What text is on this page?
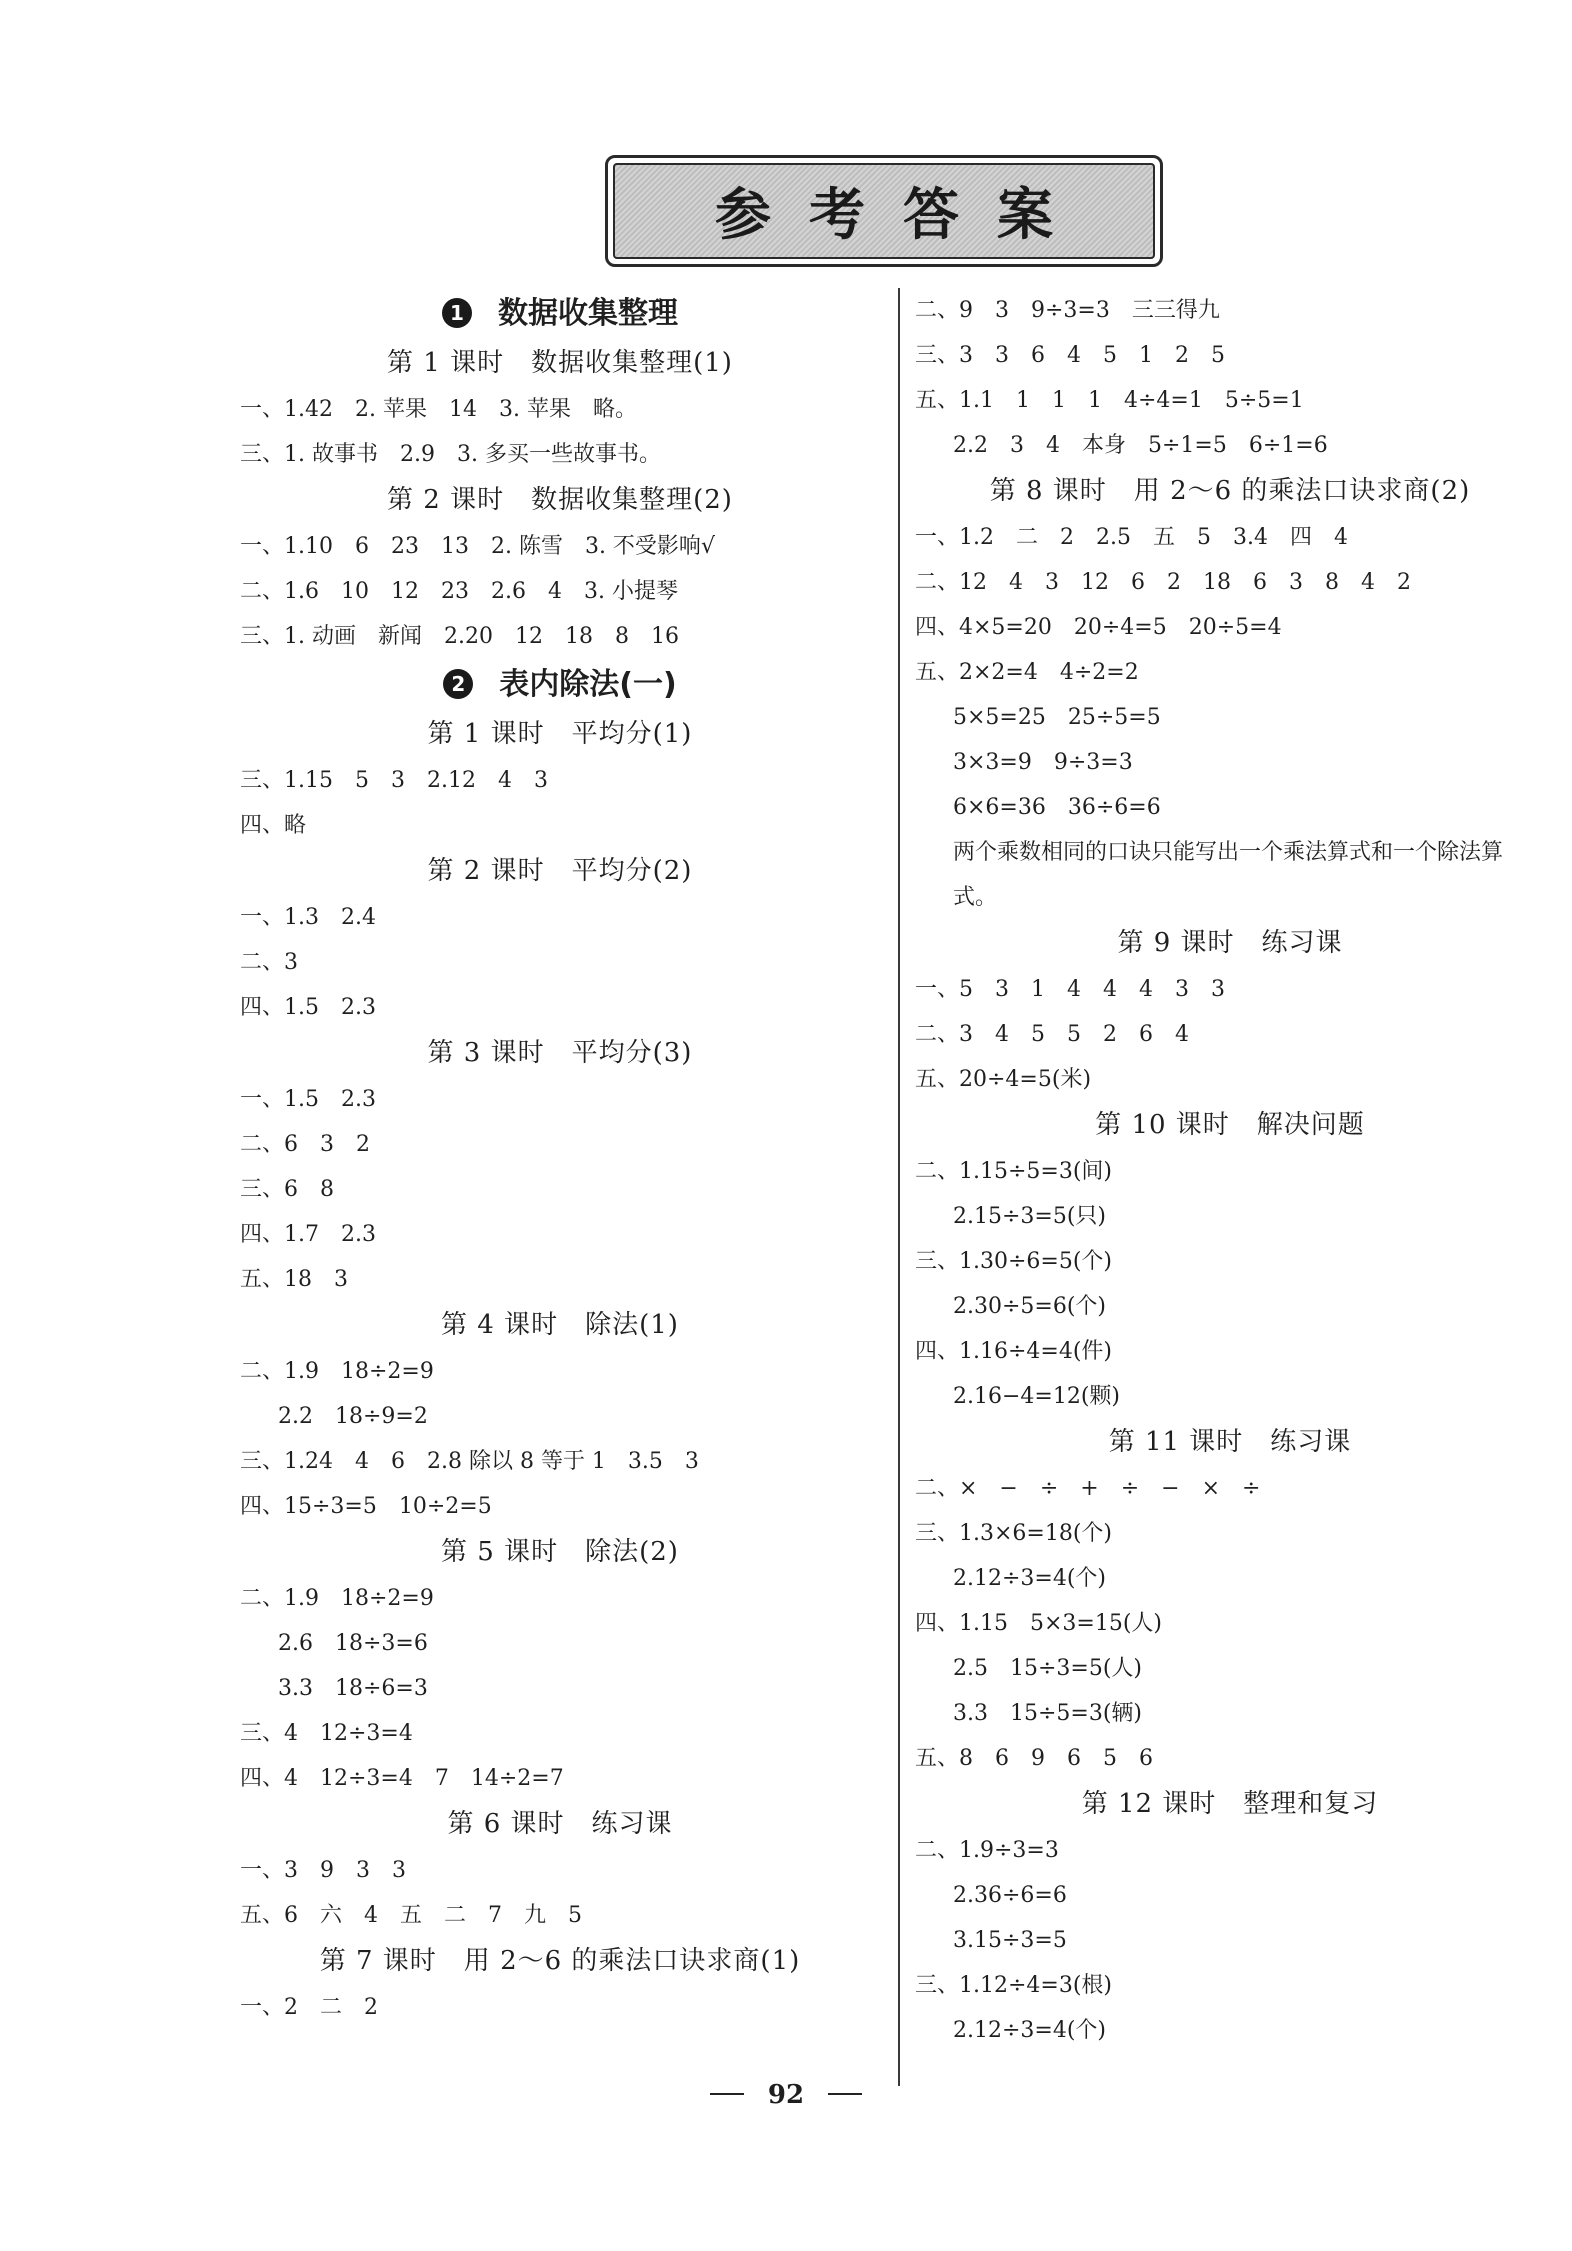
参考答案
1 数据收集整理
第 1 课时　数据收集整理(1)
一、1.42　2. 苹果　14　3. 苹果　略。
三、1. 故事书　2.9　3. 多买一些故事书。
第 2 课时　数据收集整理(2)
一、1.10　6　23　13　2. 陈雪　3. 不受影响√
二、1.6　10　12　23　2.6　4　3. 小提琴
三、1. 动画　新闻　2.20　12　18　8　16
2 表内除法(一)
第 1 课时　平均分(1)
三、1.15　5　3　2.12　4　3
四、略
第 2 课时　平均分(2)
一、1.3　2.4
二、3
四、1.5　2.3
第 3 课时　平均分(3)
一、1.5　2.3
二、6　3　2
三、6　8
四、1.7　2.3
五、18　3
第 4 课时　除法(1)
二、1.9　18÷2=9
2.2　18÷9=2
三、1.24　4　6　2.8 除以 8 等于 1　3.5　3
四、15÷3=5　10÷2=5
第 5 课时　除法(2)
二、1.9　18÷2=9
2.6　18÷3=6
3.3　18÷6=3
三、4　12÷3=4
四、4　12÷3=4　7　14÷2=7
第 6 课时　练习课
一、3　9　3　3
五、6　六　4　五　二　7　九　5
第 7 课时　用 2～6 的乘法口诀求商(1)
一、2　二　2
二、9　3　9÷3=3　三三得九
三、3　3　6　4　5　1　2　5
五、1.1　1　1　1　4÷4=1　5÷5=1
2.2　3　4　本身　5÷1=5　6÷1=6
第 8 课时　用 2～6 的乘法口诀求商(2)
一、1.2　二　2　2.5　五　5　3.4　四　4
二、12　4　3　12　6　2　18　6　3　8　4　2
四、4×5=20　20÷4=5　20÷5=4
五、2×2=4　4÷2=2
5×5=25　25÷5=5
3×3=9　9÷3=3
6×6=36　36÷6=6
两个乘数相同的口诀只能写出一个乘法算式和一个除法算式。
第 9 课时　练习课
一、5　3　1　4　4　4　3　3
二、3　4　5　5　2　6　4
五、20÷4=5(米)
第 10 课时　解决问题
二、1.15÷5=3(间)
2.15÷3=5(只)
三、1.30÷6=5(个)
2.30÷5=6(个)
四、1.16÷4=4(件)
2.16−4=12(颗)
第 11 课时　练习课
二、×　−　÷　+　÷　−　×　÷
三、1.3×6=18(个)
2.12÷3=4(个)
四、1.15　5×3=15(人)
2.5　15÷3=5(人)
3.3　15÷5=3(辆)
五、8　6　9　6　5　6
第 12 课时　整理和复习
二、1.9÷3=3
2.36÷6=6
3.15÷3=5
三、1.12÷4=3(根)
2.12÷3=4(个)
92
